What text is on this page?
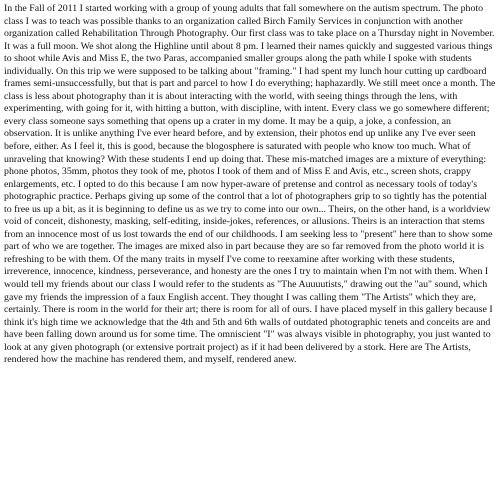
In the Fall of 2011 I started working with a group of young adults that fall somewhere on the autism spectrum. The photo class I was to teach was possible thanks to an organization called Birch Family Services in conjunction with another organization called Rehabilitation Through Photography. Our first class was to take place on a Thursday night in November. It was a full moon. We shot along the Highline until about 8 pm. I learned their names quickly and suggested various things to shoot while Avis and Miss E, the two Paras, accompanied smaller groups along the path while I spoke with students individually. On this trip we were supposed to be talking about "framing." I had spent my lunch hour cutting up cardboard frames semi-unsuccessfully, but that is part and parcel to how I do everything; haphazardly. We still meet once a month. The class is less about photography than it is about interacting with the world, with seeing things through the lens, with experimenting, with going for it, with hitting a button, with discipline, with intent. Every class we go somewhere different; every class someone says something that opens up a crater in my dome. It may be a quip, a joke, a confession, an observation. It is unlike anything I've ever heard before, and by extension, their photos end up unlike any I've ever seen before, either. As I feel it, this is good, because the blogosphere is saturated with people who know too much. What of unraveling that knowing? With these students I end up doing that. These mis-matched images are a mixture of everything: phone photos, 35mm, photos they took of me, photos I took of them and of Miss E and Avis, etc., screen shots, crappy enlargements, etc. I opted to do this because I am now hyper-aware of pretense and control as necessary tools of today's photographic practice. Perhaps giving up some of the control that a lot of photographers grip to so tightly has the potential to free us up a bit, as it is beginning to define us as we try to come into our own... Theirs, on the other hand, is a worldview void of conceit, dishonesty, masking, self-editing, inside-jokes, references, or allusions. Theirs is an interaction that stems from an innocence most of us lost towards the end of our childhoods. I am seeking less to "present" here than to show some part of who we are together. The images are mixed also in part because they are so far removed from the photo world it is refreshing to be with them. Of the many traits in myself I've come to reexamine after working with these students, irreverence, innocence, kindness, perseverance, and honesty are the ones I try to maintain when I'm not with them. When I would tell my friends about our class I would refer to the students as "The Auuuutists," drawing out the "au" sound, which gave my friends the impression of a faux English accent. They thought I was calling them "The Artists" which they are, certainly. There is room in the world for their art; there is room for all of ours. I have placed myself in this gallery because I think it's high time we acknowledge that the 4th and 5th and 6th walls of outdated photographic tenets and conceits are and have been falling down around us for some time. The omniscient "I" was always visible in photography, you just wanted to look at any given photograph (or extensive portrait project) as if it had been delivered by a stork. Here are The Artists, rendered how the machine has rendered them, and myself, rendered anew.
